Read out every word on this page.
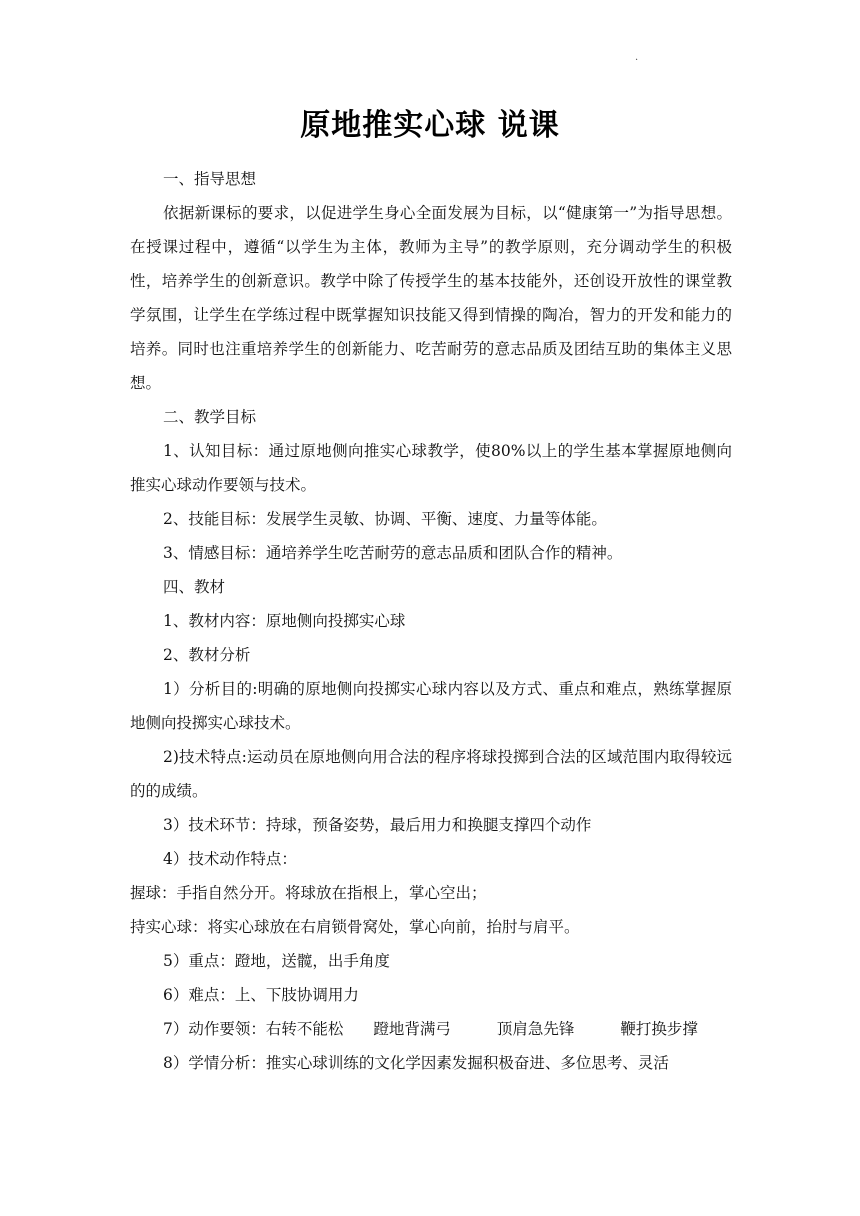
·
原地推实心球 说课

一、指导思想

依据新课标的要求，以促进学生身心全面发展为目标，以“健康第一”为指导思想。在授课过程中，遵循“以学生为主体，教师为主导”的教学原则，充分调动学生的积极性，培养学生的创新意识。教学中除了传授学生的基本技能外，还创设开放性的课堂教学氛围，让学生在学练过程中既掌握知识技能又得到情操的陶冶，智力的开发和能力的培养。同时也注重培养学生的创新能力、吃苦耐劳的意志品质及团结互助的集体主义思想。

二、教学目标

1、认知目标：通过原地侧向推实心球教学，使80%以上的学生基本掌握原地侧向推实心球动作要领与技术。

2、技能目标：发展学生灵敏、协调、平衡、速度、力量等体能。

3、情感目标：通培养学生吃苦耐劳的意志品质和团队合作的精神。

四、教材

1、教材内容：原地侧向投掷实心球

2、教材分析

1）分析目的:明确的原地侧向投掷实心球内容以及方式、重点和难点，熟练掌握原地侧向投掷实心球技术。

2)技术特点:运动员在原地侧向用合法的程序将球投掷到合法的区域范围内取得较远的的成绩。

3）技术环节：持球，预备姿势，最后用力和换腿支撑四个动作

4）技术动作特点：

握球：手指自然分开。将球放在指根上，掌心空出；

持实心球：将实心球放在右肩锁骨窝处，掌心向前，抬肘与肩平。

5）重点：蹬地，送髋，出手角度

6）难点：上、下肢协调用力

7）动作要领：右转不能松 蹬地背满弓	顶肩急先锋	鞭打换步撑

8）学情分析：推实心球训练的文化学因素发掘积极奋进、多位思考、灵活
